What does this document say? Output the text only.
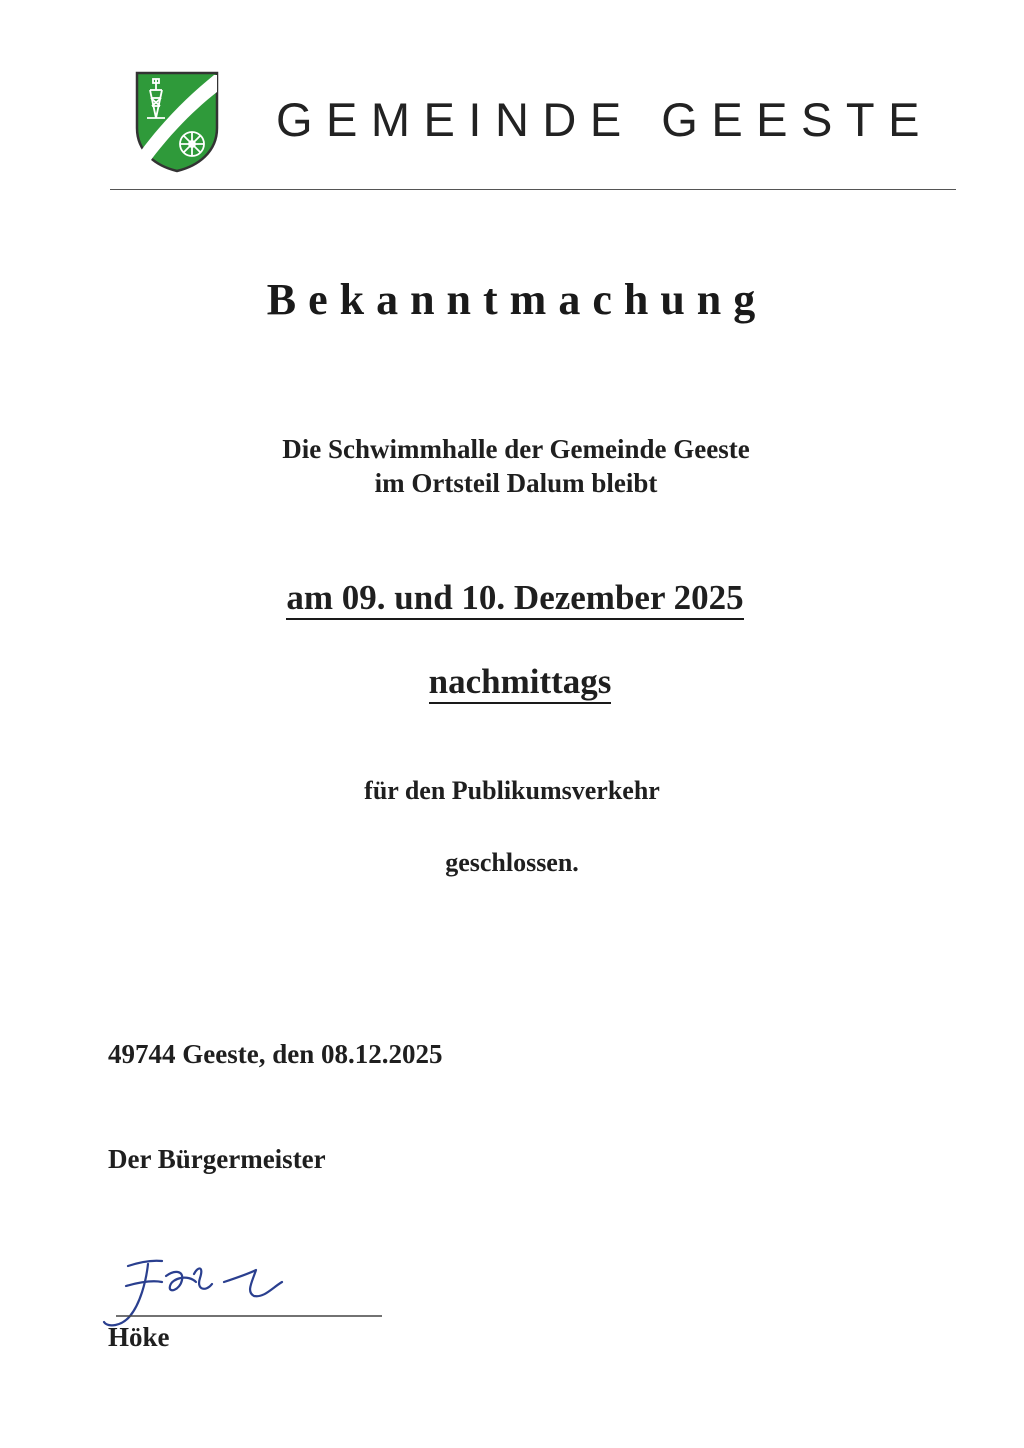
GEMEINDE GEESTE
Bekanntmachung
Die Schwimmhalle der Gemeinde Geeste
im Ortsteil Dalum bleibt
am 09. und 10. Dezember 2025
nachmittags
für den Publikumsverkehr
geschlossen.
49744 Geeste, den 08.12.2025
Der Bürgermeister
Höke
